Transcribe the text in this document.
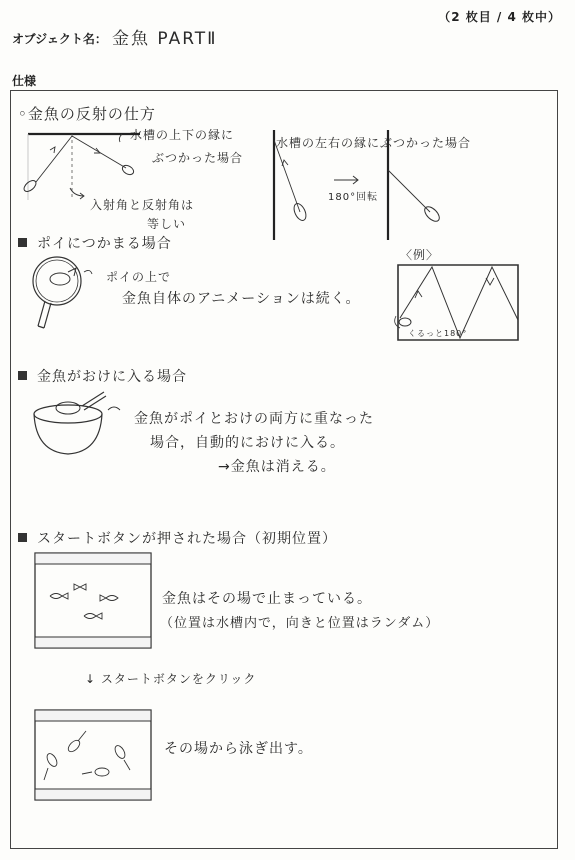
（2 枚目 / 4 枚中）
オブジェクト名： 金魚 PARTⅡ
仕様
◦金魚の反射の仕方
水槽の上下の縁に
ぶつかった場合
入射角と反射角は
等しい
水槽の左右の縁にぶつかった場合
180°回転
ポイにつかまる場合
ポイの上で
金魚自体のアニメーションは続く。
〈例〉
くるっと180°
金魚がおけに入る場合
金魚がポイとおけの両方に重なった
場合，自動的におけに入る。
→金魚は消える。
スタートボタンが押された場合（初期位置）
金魚はその場で止まっている。
（位置は水槽内で，向きと位置はランダム）
↓ スタートボタンをクリック
その場から泳ぎ出す。
